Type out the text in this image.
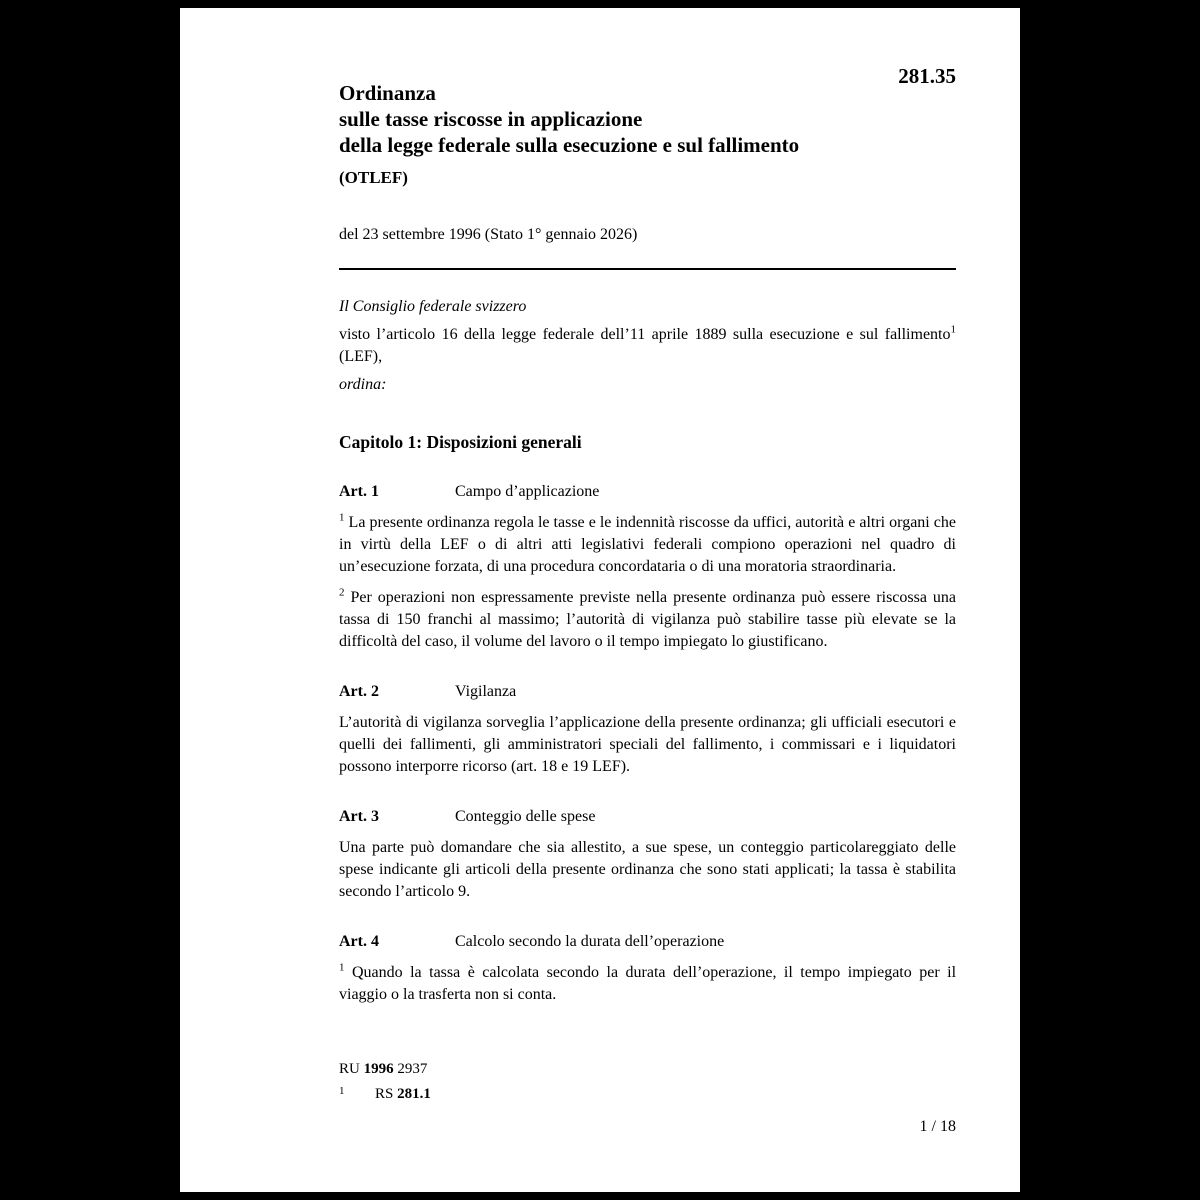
281.35
Ordinanza
sulle tasse riscosse in applicazione
della legge federale sulla esecuzione e sul fallimento
(OTLEF)
del 23 settembre 1996 (Stato 1° gennaio 2026)
Il Consiglio federale svizzero

visto l’articolo 16 della legge federale dell’11 aprile 1889 sulla esecuzione e sul fallimento$^1$ (LEF),

ordina:
Capitolo 1: Disposizioni generali
Art. 1	Campo d’applicazione

$^1$ La presente ordinanza regola le tasse e le indennità riscosse da uffici, autorità e altri organi che in virtù della LEF o di altri atti legislativi federali compiono operazioni nel quadro di un’esecuzione forzata, di una procedura concordataria o di una moratoria straordinaria.

$^2$ Per operazioni non espressamente previste nella presente ordinanza può essere riscossa una tassa di 150 franchi al massimo; l’autorità di vigilanza può stabilire tasse più elevate se la difficoltà del caso, il volume del lavoro o il tempo impiegato lo giustificano.

Art. 2	Vigilanza

L’autorità di vigilanza sorveglia l’applicazione della presente ordinanza; gli ufficiali esecutori e quelli dei fallimenti, gli amministratori speciali del fallimento, i commissari e i liquidatori possono interporre ricorso (art. 18 e 19 LEF).

Art. 3	Conteggio delle spese

Una parte può domandare che sia allestito, a sue spese, un conteggio particolareggiato delle spese indicante gli articoli della presente ordinanza che sono stati applicati; la tassa è stabilita secondo l’articolo 9.

Art. 4	Calcolo secondo la durata dell’operazione

$^1$ Quando la tassa è calcolata secondo la durata dell’operazione, il tempo impiegato per il viaggio o la trasferta non si conta.

RU 1996 2937
1 RS 281.1
1 / 18
